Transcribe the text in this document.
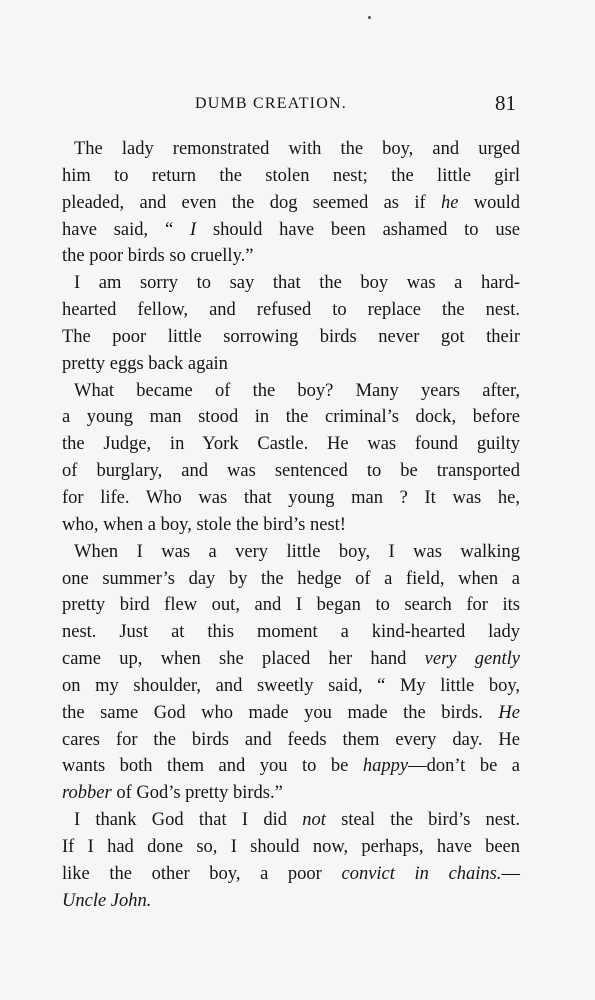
DUMB CREATION.	81
The lady remonstrated with the boy, and urged
him to return the stolen nest; the little girl
pleaded, and even the dog seemed as if he would
have said, “ I should have been ashamed to use
the poor birds so cruelly.”
I am sorry to say that the boy was a hard-
hearted fellow, and refused to replace the nest.
The poor little sorrowing birds never got their
pretty eggs back again
What became of the boy? Many years after,
a young man stood in the criminal’s dock, before
the Judge, in York Castle. He was found guilty
of burglary, and was sentenced to be transported
for life. Who was that young man ? It was he,
who, when a boy, stole the bird’s nest!
When I was a very little boy, I was walking
one summer’s day by the hedge of a field, when a
pretty bird flew out, and I began to search for its
nest. Just at this moment a kind-hearted lady
came up, when she placed her hand very gently
on my shoulder, and sweetly said, “ My little boy,
the same God who made you made the birds. He
cares for the birds and feeds them every day. He
wants both them and you to be happy—don’t be a
robber of God’s pretty birds.”
I thank God that I did not steal the bird’s nest.
If I had done so, I should now, perhaps, have been
like the other boy, a poor convict in chains.—
Uncle John.
